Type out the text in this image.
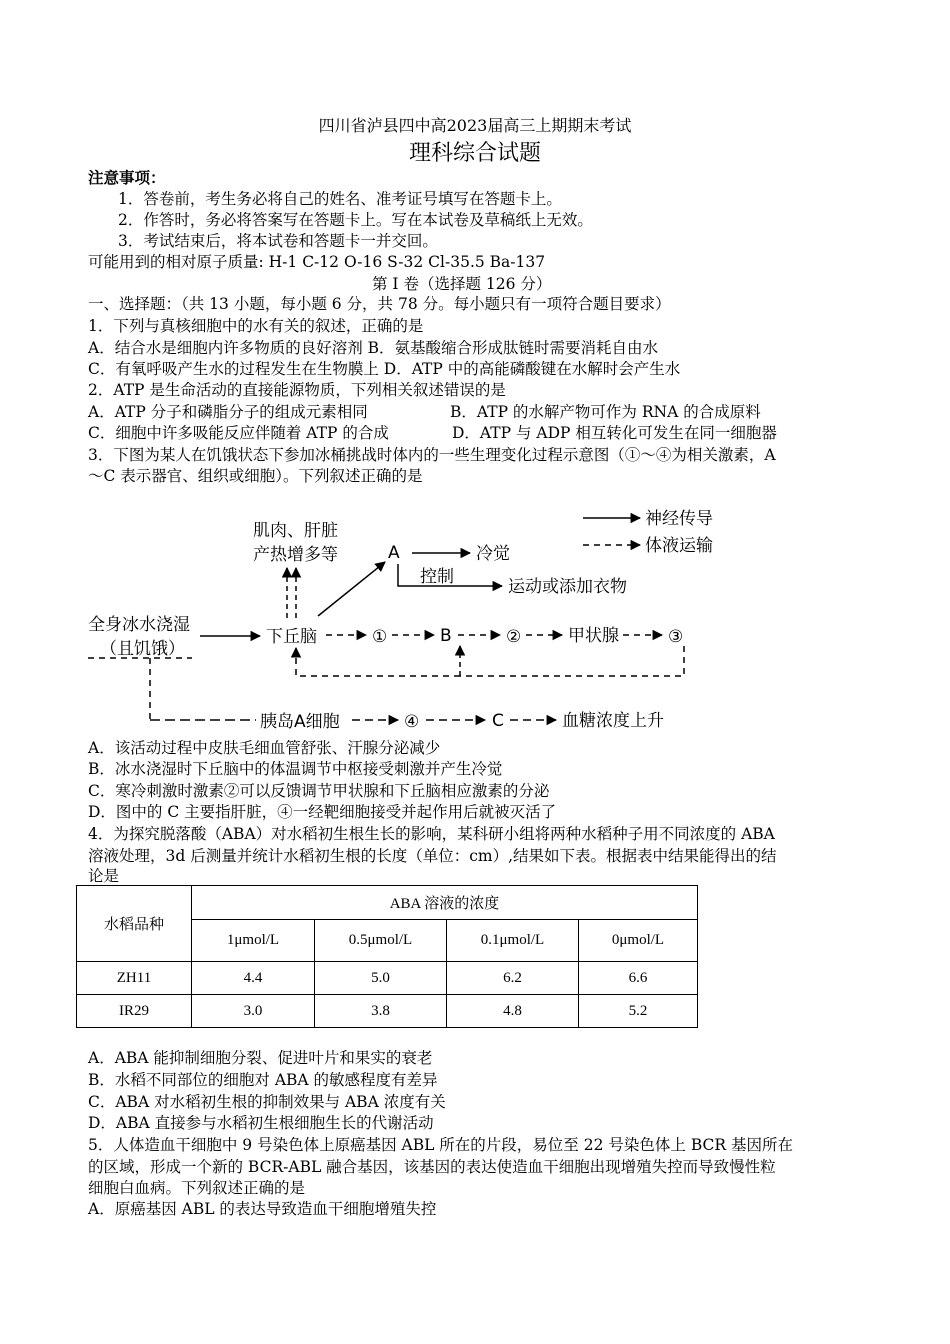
四川省泸县四中高2023届高三上期期末考试
理科综合试题
注意事项：
1．答卷前，考生务必将自己的姓名、准考证号填写在答题卡上。
2．作答时，务必将答案写在答题卡上。写在本试卷及草稿纸上无效。
3．考试结束后，将本试卷和答题卡一并交回。
可能用到的相对原子质量: H-1 C-12 O-16 S-32 Cl-35.5 Ba-137
第 I 卷（选择题 126 分）
一、选择题：（共 13 小题，每小题 6 分，共 78 分。每小题只有一项符合题目要求）
1．下列与真核细胞中的水有关的叙述，正确的是
A．结合水是细胞内许多物质的良好溶剂 B．氨基酸缩合形成肽链时需要消耗自由水
C．有氧呼吸产生水的过程发生在生物膜上 D．ATP 中的高能磷酸键在水解时会产生水
2．ATP 是生命活动的直接能源物质，下列相关叙述错误的是
A．ATP 分子和磷脂分子的组成元素相同	B．ATP 的水解产物可作为 RNA 的合成原料
C．细胞中许多吸能反应伴随着 ATP 的合成	D．ATP 与 ADP 相互转化可发生在同一细胞器
3．下图为某人在饥饿状态下参加冰桶挑战时体内的一些生理变化过程示意图（①～④为相关激素，A
～C 表示器官、组织或细胞）。下列叙述正确的是
神经传导
体液运输
肌肉、肝脏
产热增多等	A	冷觉
控制	运动或添加衣物
全身冰水浇湿
（且饥饿）
下丘脑	①	B	②	甲状腺	③
胰岛A细胞	④	C	血糖浓度上升
A．该活动过程中皮肤毛细血管舒张、汗腺分泌减少
B．冰水浇湿时下丘脑中的体温调节中枢接受刺激并产生冷觉
C．寒冷刺激时激素②可以反馈调节甲状腺和下丘脑相应激素的分泌
D．图中的 C 主要指肝脏，④一经靶细胞接受并起作用后就被灭活了
4．为探究脱落酸（ABA）对水稻初生根生长的影响，某科研小组将两种水稻种子用不同浓度的 ABA
溶液处理，3d 后测量并统计水稻初生根的长度（单位：cm）,结果如下表。根据表中结果能得出的结
论是
水稻品种	ABA 溶液的浓度			
	1μmol/L	0.5μmol/L	0.1μmol/L	0μmol/L
ZH11	4.4	5.0	6.2	6.6
IR29	3.0	3.8	4.8	5.2
A．ABA 能抑制细胞分裂、促进叶片和果实的衰老
B．水稻不同部位的细胞对 ABA 的敏感程度有差异
C．ABA 对水稻初生根的抑制效果与 ABA 浓度有关
D．ABA 直接参与水稻初生根细胞生长的代谢活动
5．人体造血干细胞中 9 号染色体上原癌基因 ABL 所在的片段，易位至 22 号染色体上 BCR 基因所在
的区域，形成一个新的 BCR-ABL 融合基因，该基因的表达使造血干细胞出现增殖失控而导致慢性粒
细胞白血病。下列叙述正确的是
A．原癌基因 ABL 的表达导致造血干细胞增殖失控
